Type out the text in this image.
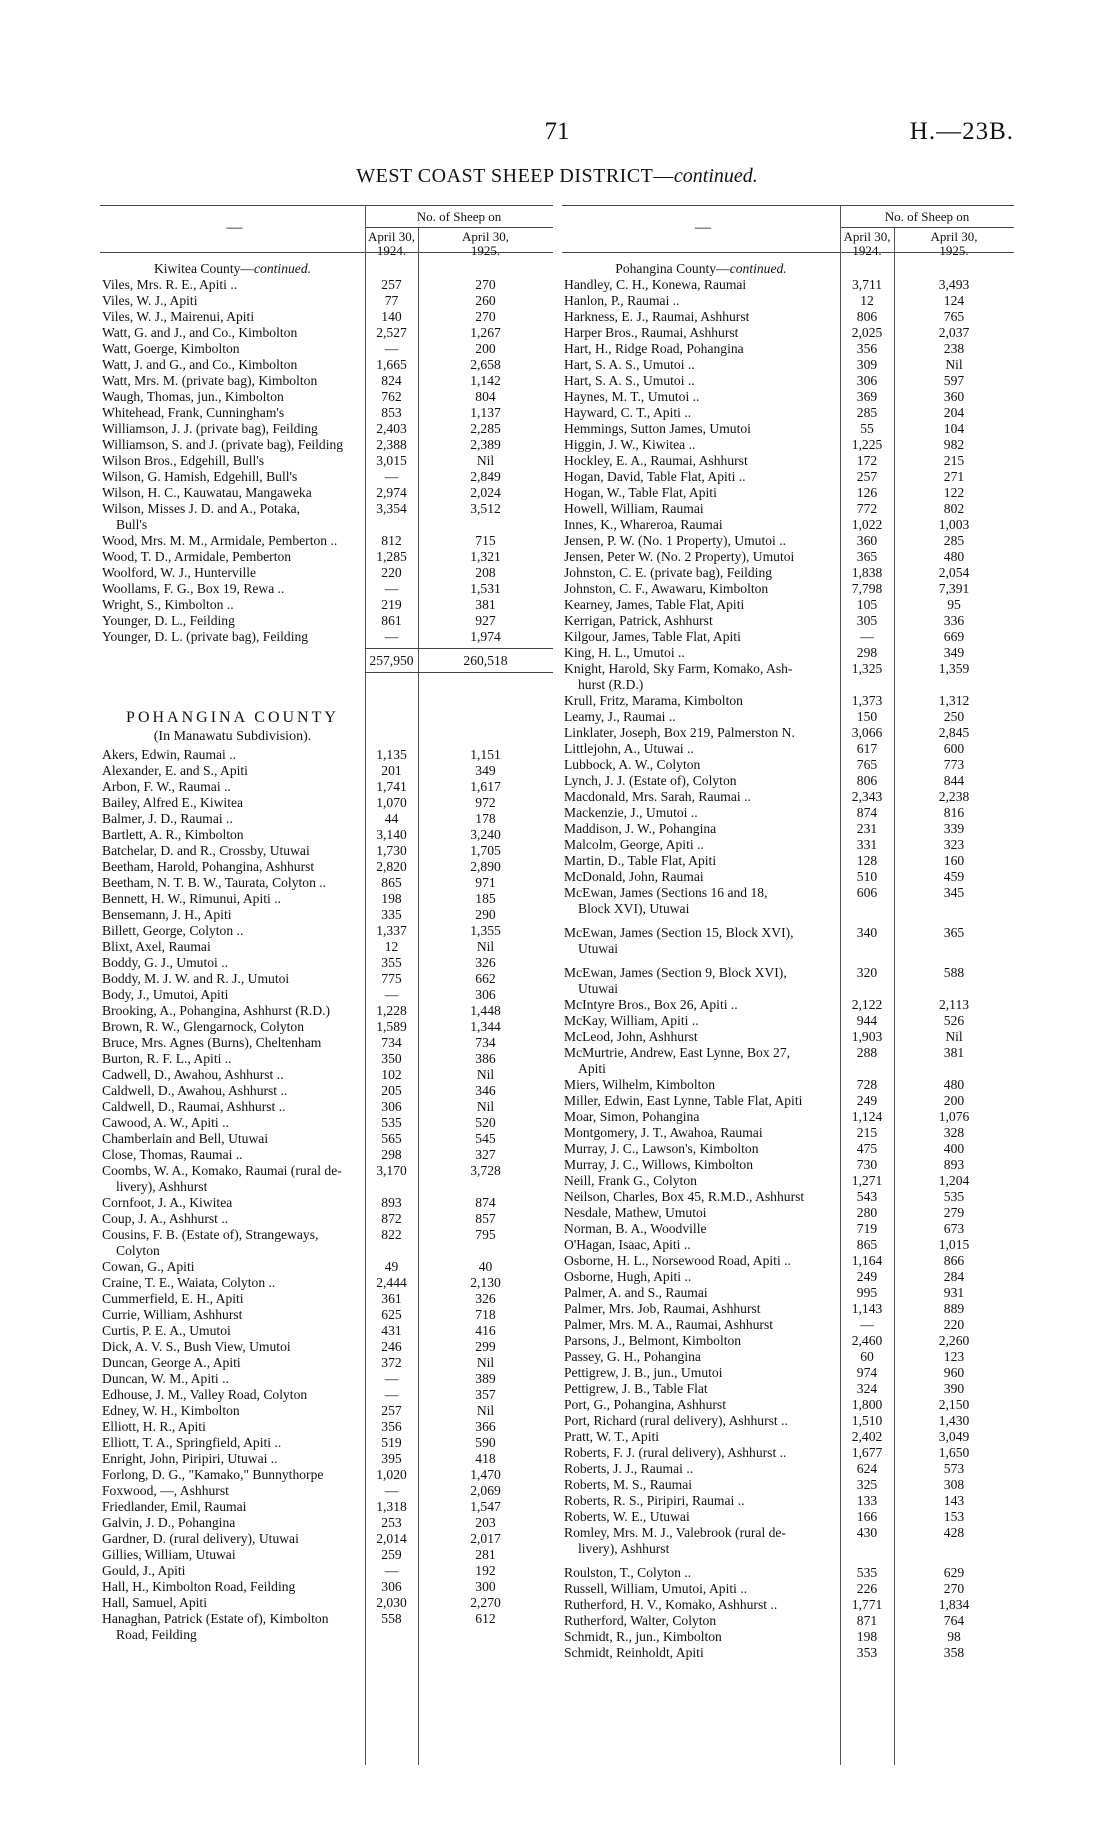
71	H.—23B.
WEST COAST SHEEP DISTRICT—continued.
—
No. of Sheep on
April 30,
1924.
April 30,
1925.
Kiwitea County—continued.
Viles, Mrs. R. E., Apiti ..	257	270
Viles, W. J., Apiti	77	260
Viles, W. J., Mairenui, Apiti	140	270
Watt, G. and J., and Co., Kimbolton	2,527	1,267
Watt, Goerge, Kimbolton	—	200
Watt, J. and G., and Co., Kimbolton	1,665	2,658
Watt, Mrs. M. (private bag), Kimbolton	824	1,142
Waugh, Thomas, jun., Kimbolton	762	804
Whitehead, Frank, Cunningham's	853	1,137
Williamson, J. J. (private bag), Feilding	2,403	2,285
Williamson, S. and J. (private bag), Feilding	2,388	2,389
Wilson Bros., Edgehill, Bull's	3,015	Nil
Wilson, G. Hamish, Edgehill, Bull's	—	2,849
Wilson, H. C., Kauwatau, Mangaweka	2,974	2,024
Wilson, Misses J. D. and A., Potaka,	3,354	3,512
Bull's
Wood, Mrs. M. M., Armidale, Pemberton ..	812	715
Wood, T. D., Armidale, Pemberton	1,285	1,321
Woolford, W. J., Hunterville	220	208
Woollams, F. G., Box 19, Rewa ..	—	1,531
Wright, S., Kimbolton ..	219	381
Younger, D. L., Feilding	861	927
Younger, D. L. (private bag), Feilding	—	1,974
257,950	260,518
POHANGINA COUNTY
(In Manawatu Subdivision).
Akers, Edwin, Raumai ..	1,135	1,151
Alexander, E. and S., Apiti	201	349
Arbon, F. W., Raumai ..	1,741	1,617
Bailey, Alfred E., Kiwitea	1,070	972
Balmer, J. D., Raumai ..	44	178
Bartlett, A. R., Kimbolton	3,140	3,240
Batchelar, D. and R., Crossby, Utuwai	1,730	1,705
Beetham, Harold, Pohangina, Ashhurst	2,820	2,890
Beetham, N. T. B. W., Taurata, Colyton ..	865	971
Bennett, H. W., Rimunui, Apiti ..	198	185
Bensemann, J. H., Apiti	335	290
Billett, George, Colyton ..	1,337	1,355
Blixt, Axel, Raumai	12	Nil
Boddy, G. J., Umutoi ..	355	326
Boddy, M. J. W. and R. J., Umutoi	775	662
Body, J., Umutoi, Apiti	—	306
Brooking, A., Pohangina, Ashhurst (R.D.)	1,228	1,448
Brown, R. W., Glengarnock, Colyton	1,589	1,344
Bruce, Mrs. Agnes (Burns), Cheltenham	734	734
Burton, R. F. L., Apiti ..	350	386
Cadwell, D., Awahou, Ashhurst ..	102	Nil
Caldwell, D., Awahou, Ashhurst ..	205	346
Caldwell, D., Raumai, Ashhurst ..	306	Nil
Cawood, A. W., Apiti ..	535	520
Chamberlain and Bell, Utuwai	565	545
Close, Thomas, Raumai ..	298	327
Coombs, W. A., Komako, Raumai (rural de-	3,170	3,728
livery), Ashhurst
Cornfoot, J. A., Kiwitea	893	874
Coup, J. A., Ashhurst ..	872	857
Cousins, F. B. (Estate of), Strangeways,	822	795
Colyton
Cowan, G., Apiti	49	40
Craine, T. E., Waiata, Colyton ..	2,444	2,130
Cummerfield, E. H., Apiti	361	326
Currie, William, Ashhurst	625	718
Curtis, P. E. A., Umutoi	431	416
Dick, A. V. S., Bush View, Umutoi	246	299
Duncan, George A., Apiti	372	Nil
Duncan, W. M., Apiti ..	—	389
Edhouse, J. M., Valley Road, Colyton	—	357
Edney, W. H., Kimbolton	257	Nil
Elliott, H. R., Apiti	356	366
Elliott, T. A., Springfield, Apiti ..	519	590
Enright, John, Piripiri, Utuwai ..	395	418
Forlong, D. G., "Kamako," Bunnythorpe	1,020	1,470
Foxwood, —, Ashhurst	—	2,069
Friedlander, Emil, Raumai	1,318	1,547
Galvin, J. D., Pohangina	253	203
Gardner, D. (rural delivery), Utuwai	2,014	2,017
Gillies, William, Utuwai	259	281
Gould, J., Apiti	—	192
Hall, H., Kimbolton Road, Feilding	306	300
Hall, Samuel, Apiti	2,030	2,270
Hanaghan, Patrick (Estate of), Kimbolton	558	612
Road, Feilding
—
No. of Sheep on
April 30,
1924.
April 30,
1925.
Pohangina County—continued.
Handley, C. H., Konewa, Raumai	3,711	3,493
Hanlon, P., Raumai ..	12	124
Harkness, E. J., Raumai, Ashhurst	806	765
Harper Bros., Raumai, Ashhurst	2,025	2,037
Hart, H., Ridge Road, Pohangina	356	238
Hart, S. A. S., Umutoi ..	309	Nil
Hart, S. A. S., Umutoi ..	306	597
Haynes, M. T., Umutoi ..	369	360
Hayward, C. T., Apiti ..	285	204
Hemmings, Sutton James, Umutoi	55	104
Higgin, J. W., Kiwitea ..	1,225	982
Hockley, E. A., Raumai, Ashhurst	172	215
Hogan, David, Table Flat, Apiti ..	257	271
Hogan, W., Table Flat, Apiti	126	122
Howell, William, Raumai	772	802
Innes, K., Whareroa, Raumai	1,022	1,003
Jensen, P. W. (No. 1 Property), Umutoi ..	360	285
Jensen, Peter W. (No. 2 Property), Umutoi	365	480
Johnston, C. E. (private bag), Feilding	1,838	2,054
Johnston, C. F., Awawaru, Kimbolton	7,798	7,391
Kearney, James, Table Flat, Apiti	105	95
Kerrigan, Patrick, Ashhurst	305	336
Kilgour, James, Table Flat, Apiti	—	669
King, H. L., Umutoi ..	298	349
Knight, Harold, Sky Farm, Komako, Ash-	1,325	1,359
hurst (R.D.)
Krull, Fritz, Marama, Kimbolton	1,373	1,312
Leamy, J., Raumai ..	150	250
Linklater, Joseph, Box 219, Palmerston N.	3,066	2,845
Littlejohn, A., Utuwai ..	617	600
Lubbock, A. W., Colyton	765	773
Lynch, J. J. (Estate of), Colyton	806	844
Macdonald, Mrs. Sarah, Raumai ..	2,343	2,238
Mackenzie, J., Umutoi ..	874	816
Maddison, J. W., Pohangina	231	339
Malcolm, George, Apiti ..	331	323
Martin, D., Table Flat, Apiti	128	160
McDonald, John, Raumai	510	459
McEwan, James (Sections 16 and 18,	606	345
Block XVI), Utuwai
McEwan, James (Section 15, Block XVI),	340	365
Utuwai
McEwan, James (Section 9, Block XVI),	320	588
Utuwai
McIntyre Bros., Box 26, Apiti ..	2,122	2,113
McKay, William, Apiti ..	944	526
McLeod, John, Ashhurst	1,903	Nil
McMurtrie, Andrew, East Lynne, Box 27,	288	381
Apiti
Miers, Wilhelm, Kimbolton	728	480
Miller, Edwin, East Lynne, Table Flat, Apiti	249	200
Moar, Simon, Pohangina	1,124	1,076
Montgomery, J. T., Awahoa, Raumai	215	328
Murray, J. C., Lawson's, Kimbolton	475	400
Murray, J. C., Willows, Kimbolton	730	893
Neill, Frank G., Colyton	1,271	1,204
Neilson, Charles, Box 45, R.M.D., Ashhurst	543	535
Nesdale, Mathew, Umutoi	280	279
Norman, B. A., Woodville	719	673
O'Hagan, Isaac, Apiti ..	865	1,015
Osborne, H. L., Norsewood Road, Apiti ..	1,164	866
Osborne, Hugh, Apiti ..	249	284
Palmer, A. and S., Raumai	995	931
Palmer, Mrs. Job, Raumai, Ashhurst	1,143	889
Palmer, Mrs. M. A., Raumai, Ashhurst	—	220
Parsons, J., Belmont, Kimbolton	2,460	2,260
Passey, G. H., Pohangina	60	123
Pettigrew, J. B., jun., Umutoi	974	960
Pettigrew, J. B., Table Flat	324	390
Port, G., Pohangina, Ashhurst	1,800	2,150
Port, Richard (rural delivery), Ashhurst ..	1,510	1,430
Pratt, W. T., Apiti	2,402	3,049
Roberts, F. J. (rural delivery), Ashhurst ..	1,677	1,650
Roberts, J. J., Raumai ..	624	573
Roberts, M. S., Raumai	325	308
Roberts, R. S., Piripiri, Raumai ..	133	143
Roberts, W. E., Utuwai	166	153
Romley, Mrs. M. J., Valebrook (rural de-	430	428
livery), Ashhurst
Roulston, T., Colyton ..	535	629
Russell, William, Umutoi, Apiti ..	226	270
Rutherford, H. V., Komako, Ashhurst ..	1,771	1,834
Rutherford, Walter, Colyton	871	764
Schmidt, R., jun., Kimbolton	198	98
Schmidt, Reinholdt, Apiti	353	358
